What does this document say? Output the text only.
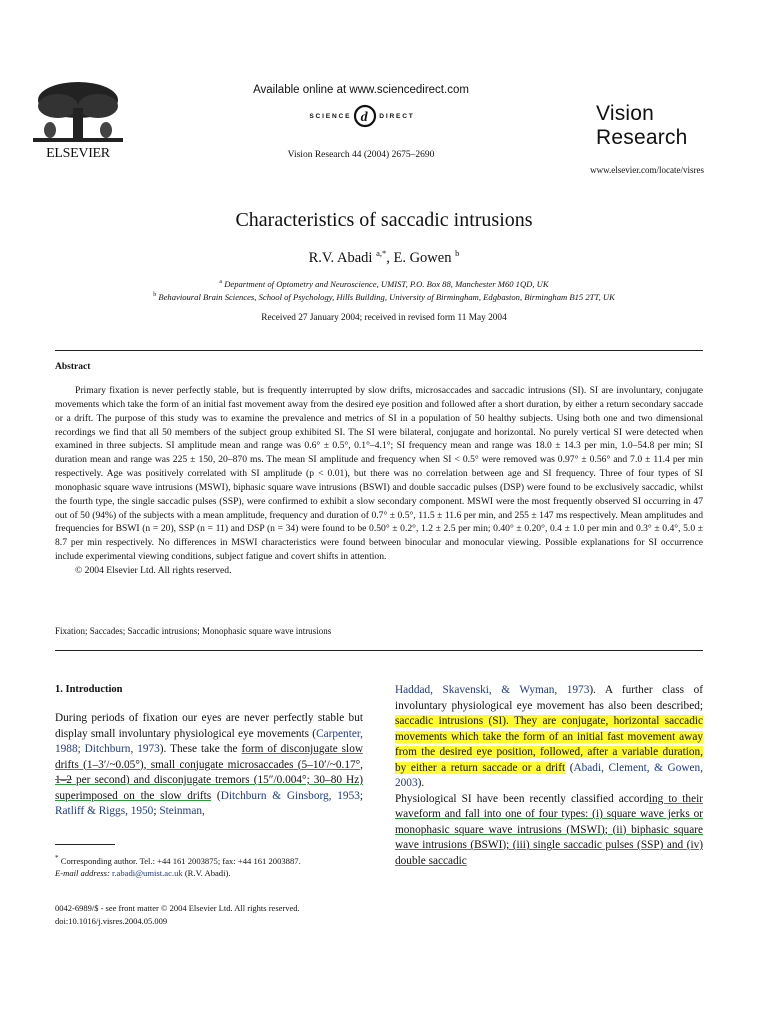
ELSEVIER
Available online at www.sciencedirect.com
SCIENCE d DIRECT
Vision Research 44 (2004) 2675–2690
Vision
Research
www.elsevier.com/locate/visres
Characteristics of saccadic intrusions
R.V. Abadi $^{a,*}$, E. Gowen $^b$
$^a$ Department of Optometry and Neuroscience, UMIST, P.O. Box 88, Manchester M60 1QD, UK
$^b$ Behavioural Brain Sciences, School of Psychology, Hills Building, University of Birmingham, Edgbaston, Birmingham B15 2TT, UK
Received 27 January 2004; received in revised form 11 May 2004
Abstract

Primary fixation is never perfectly stable, but is frequently interrupted by slow drifts, microsaccades and saccadic intrusions (SI). SI are involuntary, conjugate movements which take the form of an initial fast movement away from the desired eye position and followed after a short duration, by either a return secondary saccade or a drift. The purpose of this study was to examine the prevalence and metrics of SI in a population of 50 healthy subjects. Using both one and two dimensional recordings we find that all 50 members of the subject group exhibited SI. The SI were bilateral, conjugate and horizontal. No purely vertical SI were detected when examined in three subjects. SI amplitude mean and range was 0.6° ± 0.5°, 0.1°–4.1°; SI frequency mean and range was 18.0 ± 14.3 per min, 1.0–54.8 per min; SI duration mean and range was 225 ± 150, 20–870 ms. The mean SI amplitude and frequency when SI < 0.5° were removed was 0.97° ± 0.56° and 7.0 ± 11.4 per min respectively. Age was positively correlated with SI amplitude (p < 0.01), but there was no correlation between age and SI frequency. Three of four types of SI monophasic square wave intrusions (MSWI), biphasic square wave intrusions (BSWI) and double saccadic pulses (DSP) were found to be exclusively saccadic, whilst the fourth type, the single saccadic pulses (SSP), were confirmed to exhibit a slow secondary component. MSWI were the most frequently observed SI occurring in 47 out of 50 (94%) of the subjects with a mean amplitude, frequency and duration of 0.7° ± 0.5°, 11.5 ± 11.6 per min, and 255 ± 147 ms respectively. Mean amplitudes and frequencies for BSWI (n = 20), SSP (n = 11) and DSP (n = 34) were found to be 0.50° ± 0.2°, 1.2 ± 2.5 per min; 0.40° ± 0.20°, 0.4 ± 1.0 per min and 0.3° ± 0.4°, 5.0 ± 8.7 per min respectively. No differences in MSWI characteristics were found between binocular and monocular viewing. Possible explanations for SI occurrence include experimental viewing conditions, subject fatigue and covert shifts in attention.

© 2004 Elsevier Ltd. All rights reserved.

Fixation; Saccades; Saccadic intrusions; Monophasic square wave intrusions
1. Introduction

During periods of fixation our eyes are never perfectly stable but display small involuntary physiological eye movements (Carpenter, 1988; Ditchburn, 1973). These take the form of disconjugate slow drifts (1–3′/~0.05°), small conjugate microsaccades (5–10′/~0.17°, 1–2 per second) and disconjugate tremors (15″/0.004°; 30–80 Hz) superimposed on the slow drifts (Ditchburn & Ginsborg, 1953; Ratliff & Riggs, 1950; Steinman,

Haddad, Skavenski, & Wyman, 1973). A further class of involuntary physiological eye movement has also been described; saccadic intrusions (SI). They are conjugate, horizontal saccadic movements which take the form of an initial fast movement away from the desired eye position, followed, after a variable duration, by either a return saccade or a drift (Abadi, Clement, & Gowen, 2003).

Physiological SI have been recently classified according to their waveform and fall into one of four types: (i) square wave jerks or monophasic square wave intrusions (MSWI); (ii) biphasic square wave intrusions (BSWI); (iii) single saccadic pulses (SSP) and (iv) double saccadic

* Corresponding author. Tel.: +44 161 2003875; fax: +44 161 2003887.

E-mail address: r.abadi@umist.ac.uk (R.V. Abadi).

0042-6989/$ - see front matter © 2004 Elsevier Ltd. All rights reserved.

doi:10.1016/j.visres.2004.05.009
